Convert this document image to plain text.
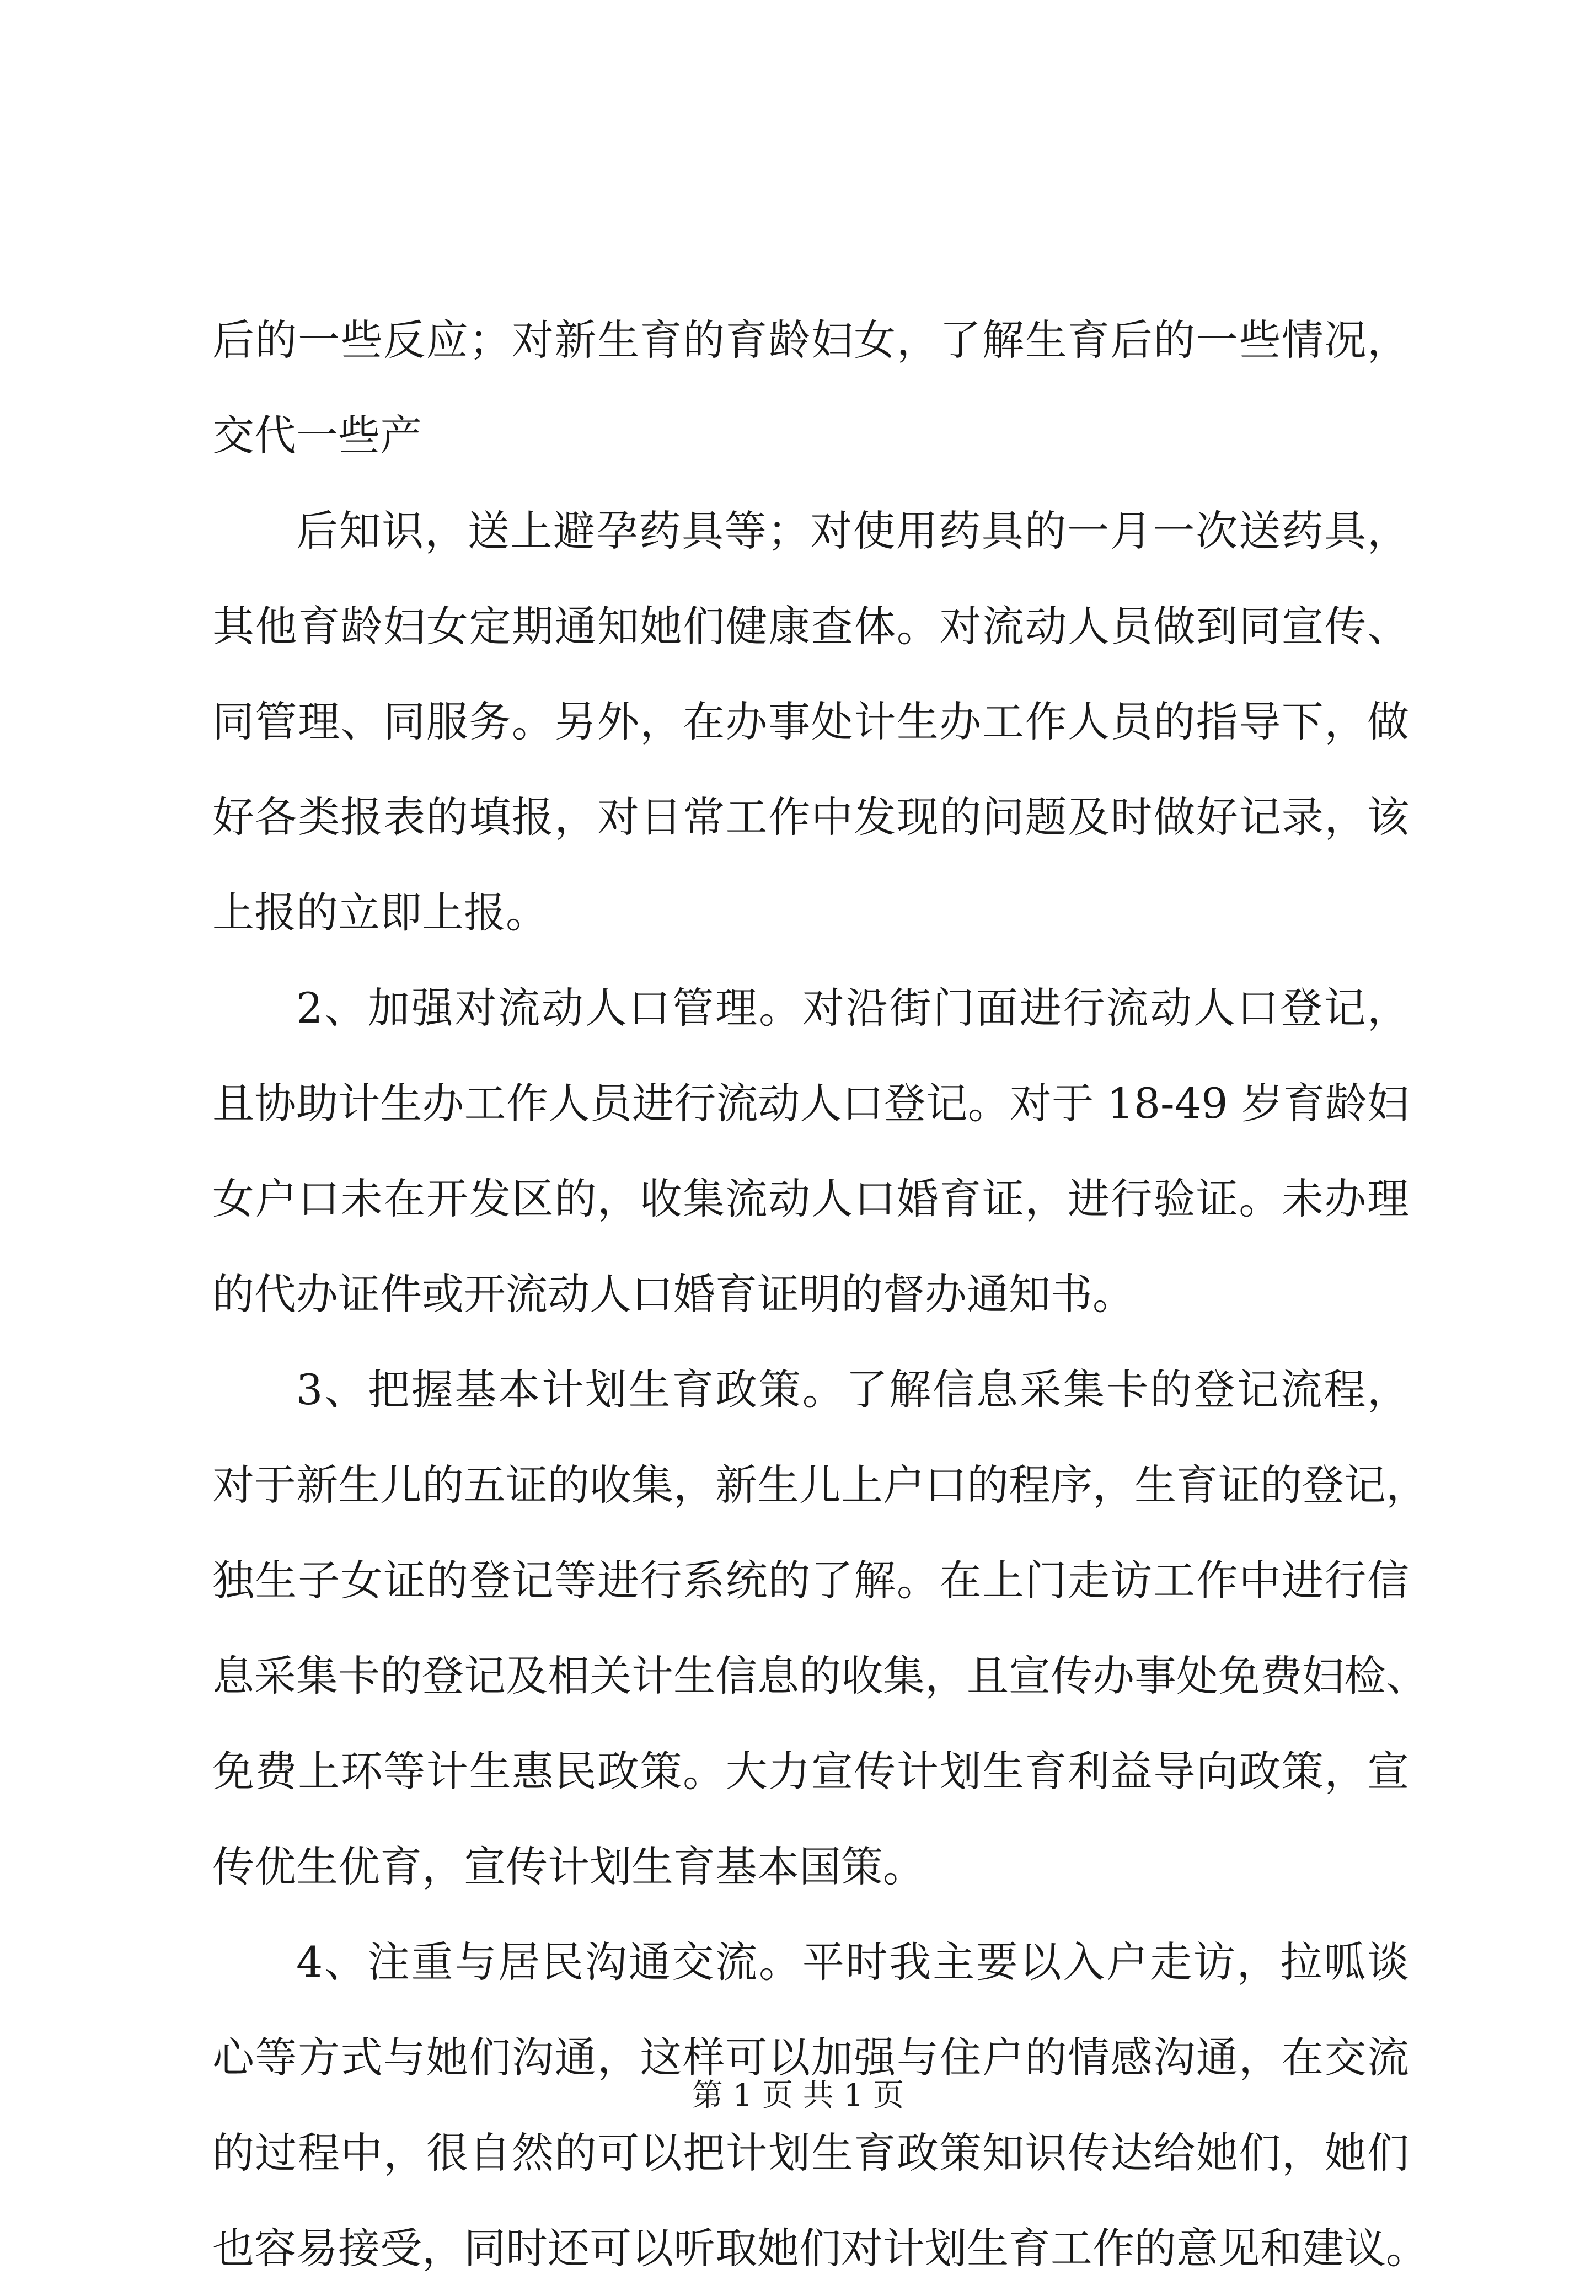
后的一些反应；对新生育的育龄妇女，了解生育后的一些情况，
交代一些产

后知识，送上避孕药具等；对使用药具的一月一次送药具，
其他育龄妇女定期通知她们健康查体。对流动人员做到同宣传、
同管理、同服务。另外，在办事处计生办工作人员的指导下，做
好各类报表的填报，对日常工作中发现的问题及时做好记录，该
上报的立即上报。

2、加强对流动人口管理。对沿街门面进行流动人口登记，
且协助计生办工作人员进行流动人口登记。对于 18-49 岁育龄妇
女户口未在开发区的，收集流动人口婚育证，进行验证。未办理
的代办证件或开流动人口婚育证明的督办通知书。

3、把握基本计划生育政策。了解信息采集卡的登记流程，
对于新生儿的五证的收集，新生儿上户口的程序，生育证的登记，
独生子女证的登记等进行系统的了解。在上门走访工作中进行信
息采集卡的登记及相关计生信息的收集，且宣传办事处免费妇检、
免费上环等计生惠民政策。大力宣传计划生育利益导向政策，宣
传优生优育，宣传计划生育基本国策。

4、注重与居民沟通交流。平时我主要以入户走访，拉呱谈
心等方式与她们沟通，这样可以加强与住户的情感沟通，在交流
的过程中，很自然的可以把计划生育政策知识传达给她们，她们
也容易接受，同时还可以听取她们对计划生育工作的意见和建议。

第 1 页 共 1 页
